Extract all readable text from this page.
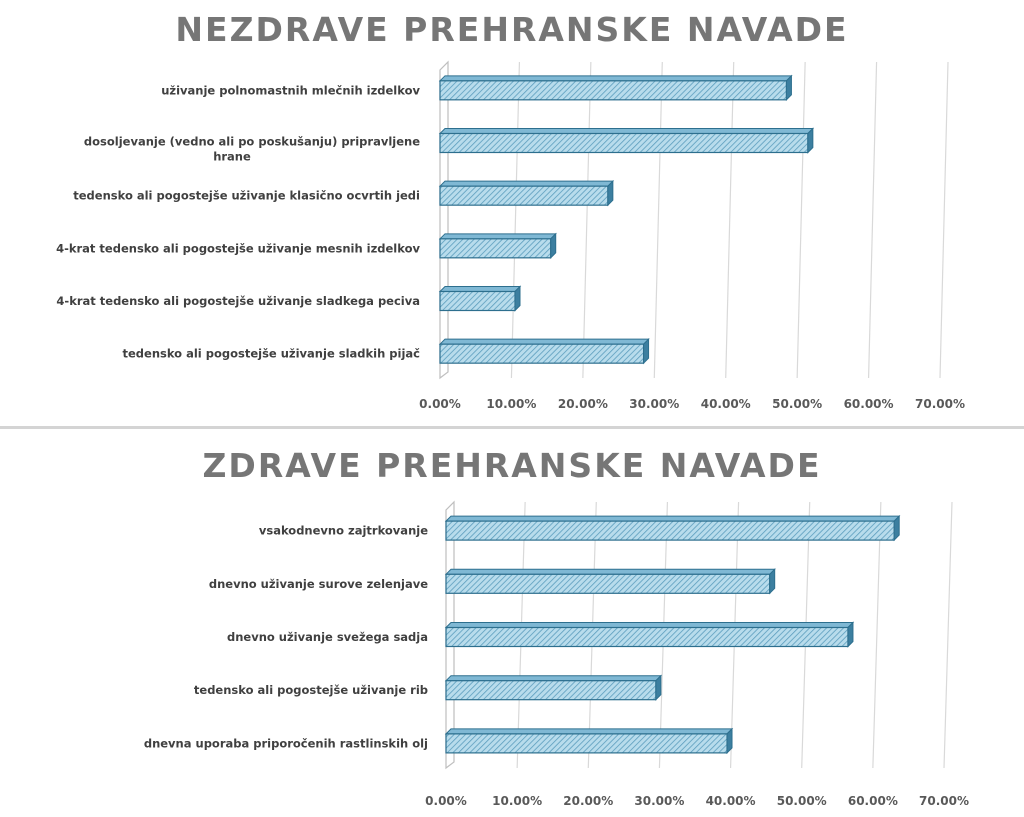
NEZDRAVE PREHRANSKE NAVADE
0.00% 10.00% 20.00% 30.00% 40.00% 50.00% 60.00% 70.00%
uživanje polnomastnih mlečnih izdelkov
dosoljevanje (vedno ali po poskušanju) pripravljene
hrane
tedensko ali pogostejše uživanje klasično ocvrtih jedi
4-krat tedensko ali pogostejše uživanje mesnih izdelkov
4-krat tedensko ali pogostejše uživanje sladkega peciva
tedensko ali pogostejše uživanje sladkih pijač
ZDRAVE PREHRANSKE NAVADE
0.00% 10.00% 20.00% 30.00% 40.00% 50.00% 60.00% 70.00%
vsakodnevno zajtrkovanje
dnevno uživanje surove zelenjave
dnevno uživanje svežega sadja
tedensko ali pogostejše uživanje rib
dnevna uporaba priporočenih rastlinskih olj
